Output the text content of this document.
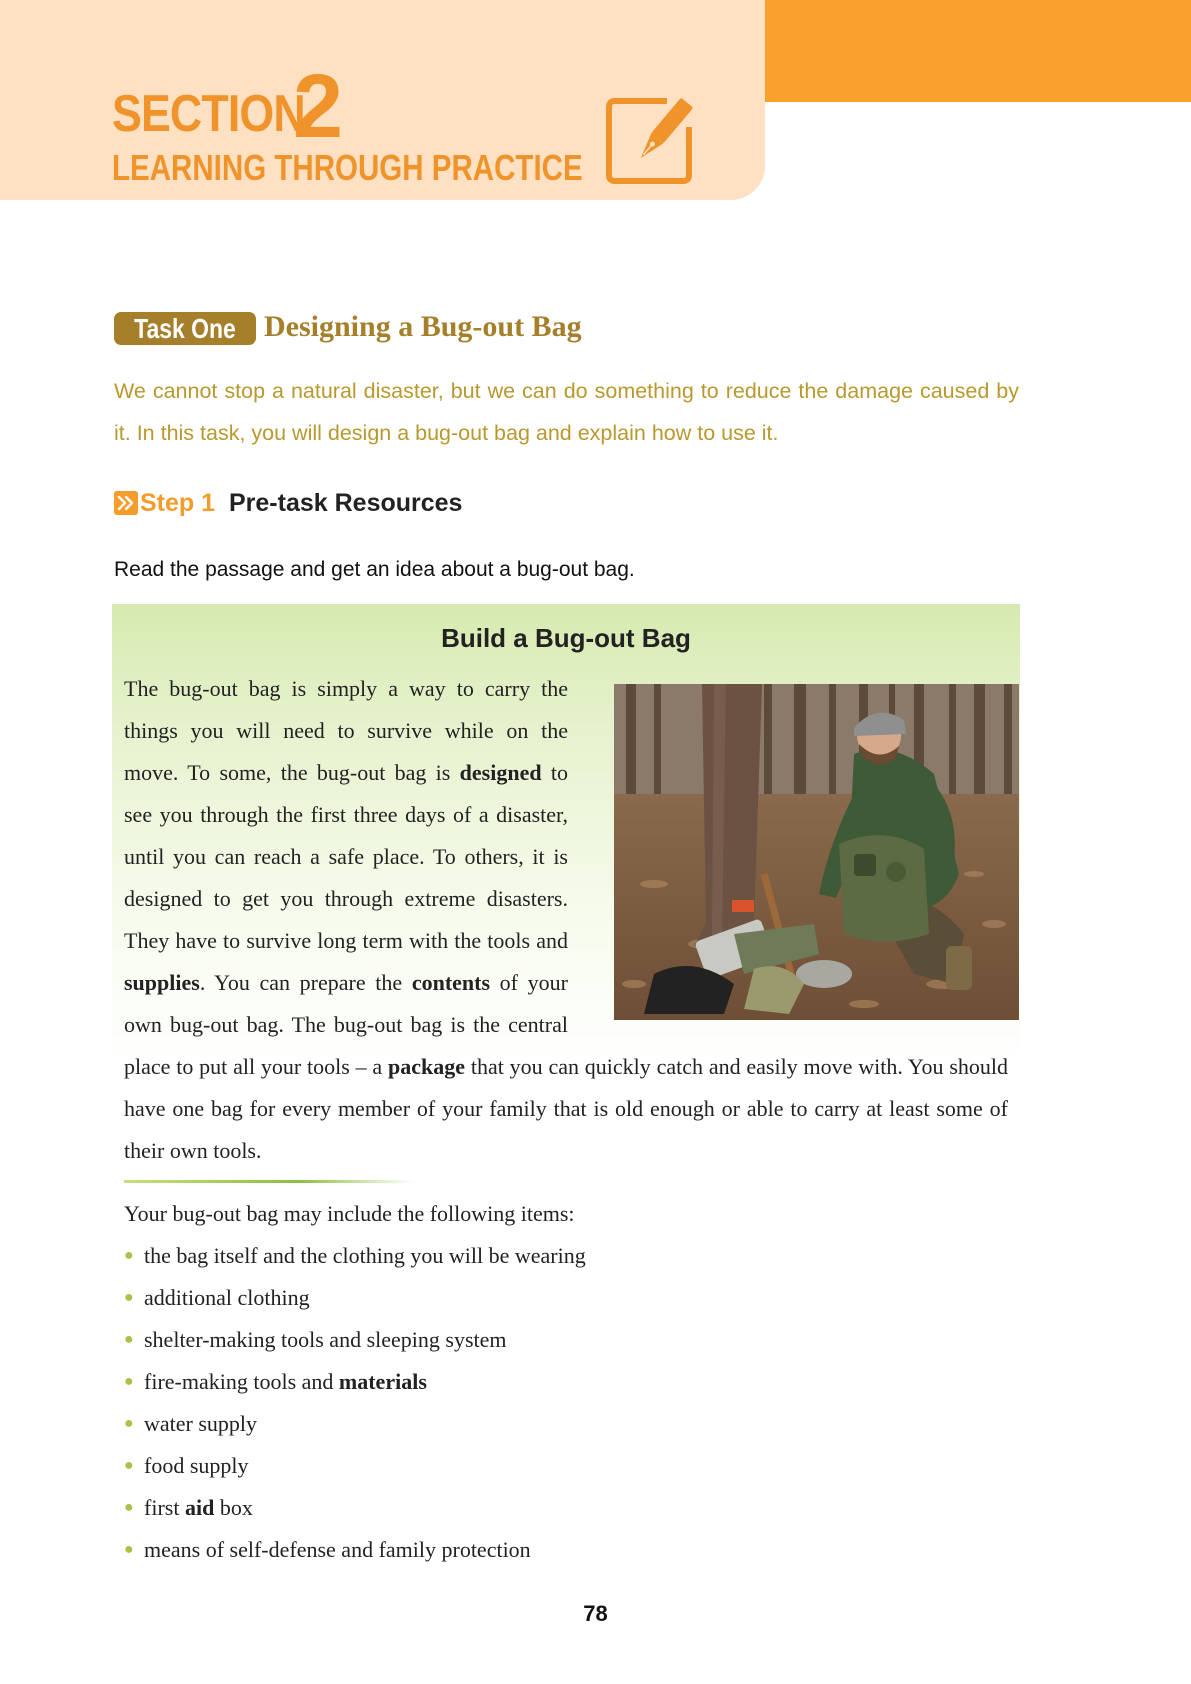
SECTION
2
LEARNING THROUGH PRACTICE
Task One Designing a Bug-out Bag
We cannot stop a natural disaster, but we can do something to reduce the damage caused by it. In this task, you will design a bug-out bag and explain how to use it.
Step 1 Pre-task Resources
Read the passage and get an idea about a bug-out bag.
Build a Bug-out Bag
The bug-out bag is simply a way to carry the things you will need to survive while on the move. To some, the bug-out bag is designed to see you through the first three days of a disaster, until you can reach a safe place. To others, it is designed to get you through extreme disasters. They have to survive long term with the tools and supplies. You can prepare the contents of your own bug-out bag. The bug-out bag is the central place to put all your tools – a package that you can quickly catch and easily move with. You should have one bag for every member of your family that is old enough or able to carry at least some of their own tools.
Your bug-out bag may include the following items:
● the bag itself and the clothing you will be wearing
● additional clothing
● shelter-making tools and sleeping system
● fire-making tools and materials
● water supply
● food supply
● first aid box
● means of self-defense and family protection
78
